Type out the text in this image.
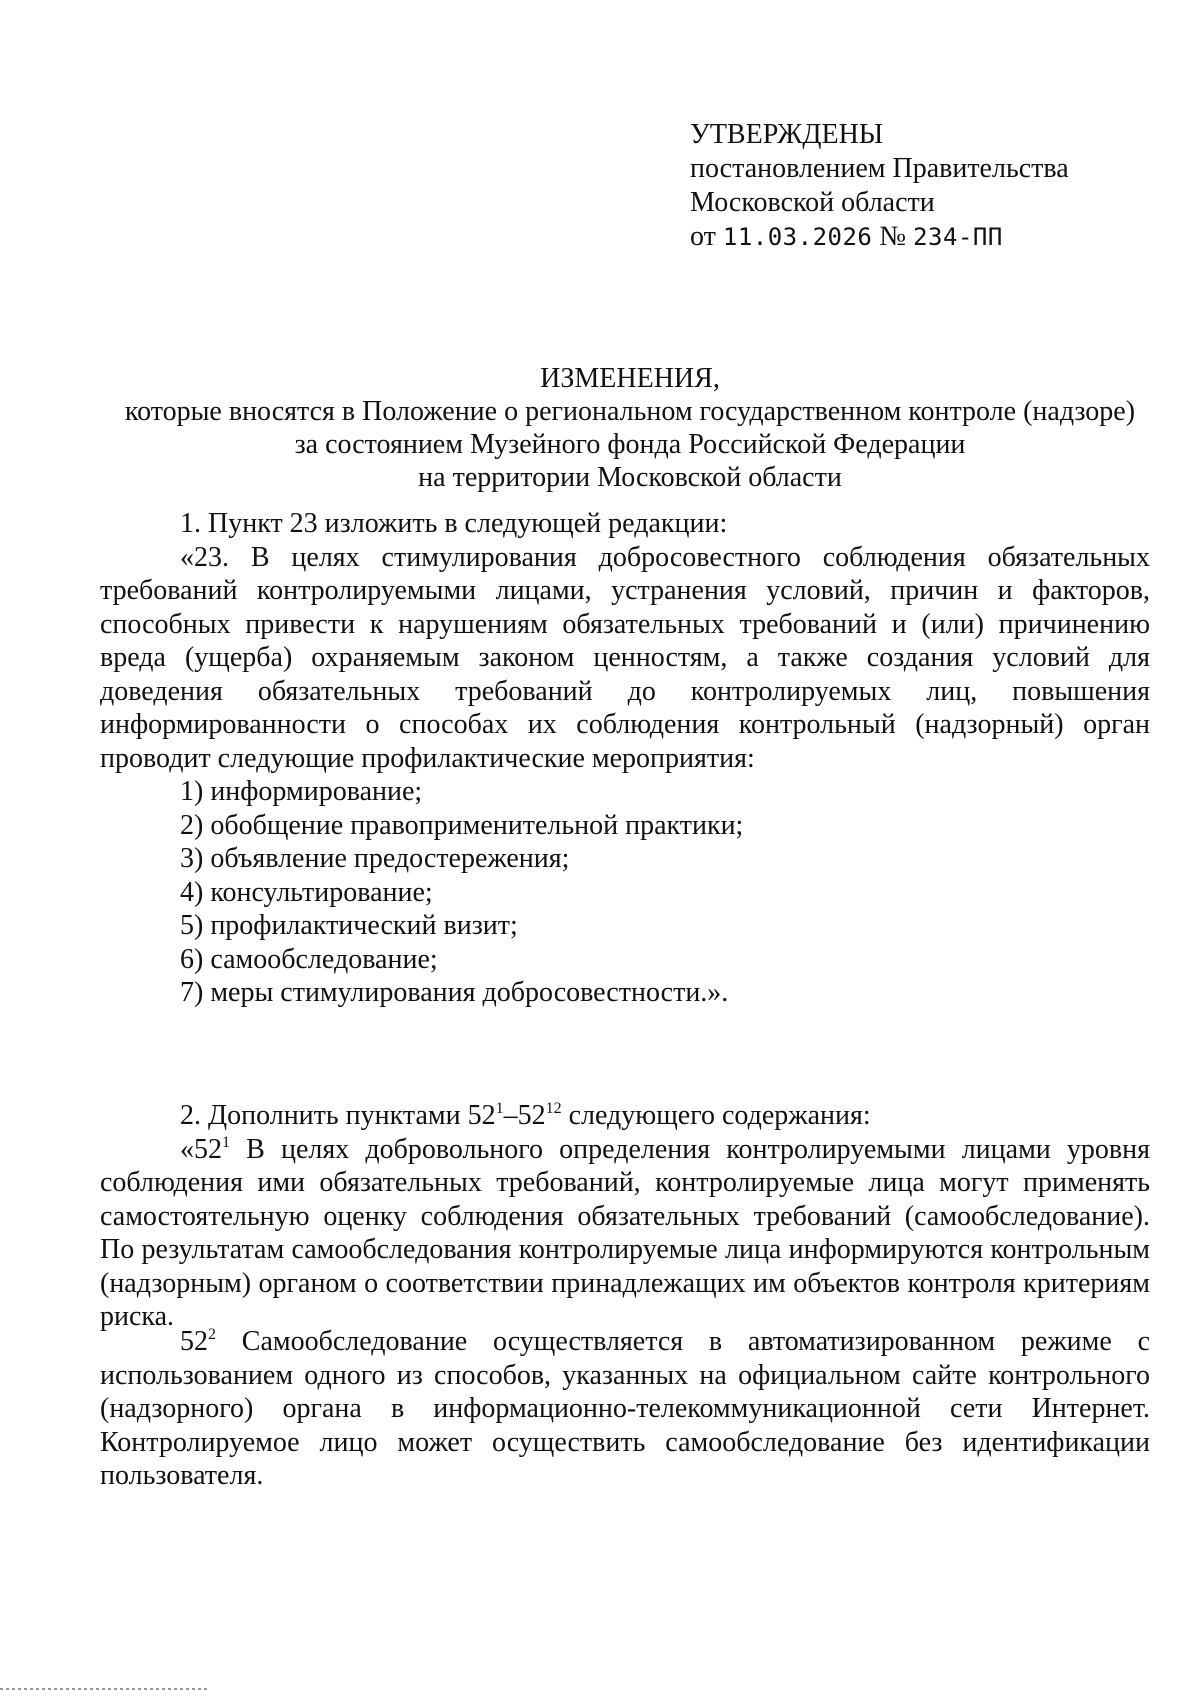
УТВЕРЖДЕНЫ
постановлением Правительства
Московской области
от 11.03.2026 № 234-ПП
ИЗМЕНЕНИЯ,
которые вносятся в Положение о региональном государственном контроле (надзоре)
за состоянием Музейного фонда Российской Федерации
на территории Московской области
1. Пункт 23 изложить в следующей редакции:
«23. В целях стимулирования добросовестного соблюдения обязательных требований контролируемыми лицами, устранения условий, причин и факторов, способных привести к нарушениям обязательных требований и (или) причинению вреда (ущерба) охраняемым законом ценностям, а также создания условий для доведения обязательных требований до контролируемых лиц, повышения информированности о способах их соблюдения контрольный (надзорный) орган проводит следующие профилактические мероприятия:
1) информирование;
2) обобщение правоприменительной практики;
3) объявление предостережения;
4) консультирование;
5) профилактический визит;
6) самообследование;
7) меры стимулирования добросовестности.».
2. Дополнить пунктами $52^1-52^{12}$ следующего содержания:
«$52^1$ В целях добровольного определения контролируемыми лицами уровня соблюдения ими обязательных требований, контролируемые лица могут применять самостоятельную оценку соблюдения обязательных требований (самообследование). По результатам самообследования контролируемые лица информируются контрольным (надзорным) органом о соответствии принадлежащих им объектов контроля критериям риска.
$52^2$ Самообследование осуществляется в автоматизированном режиме с использованием одного из способов, указанных на официальном сайте контрольного (надзорного) органа в информационно-телекоммуникационной сети Интернет. Контролируемое лицо может осуществить самообследование без идентификации пользователя.
